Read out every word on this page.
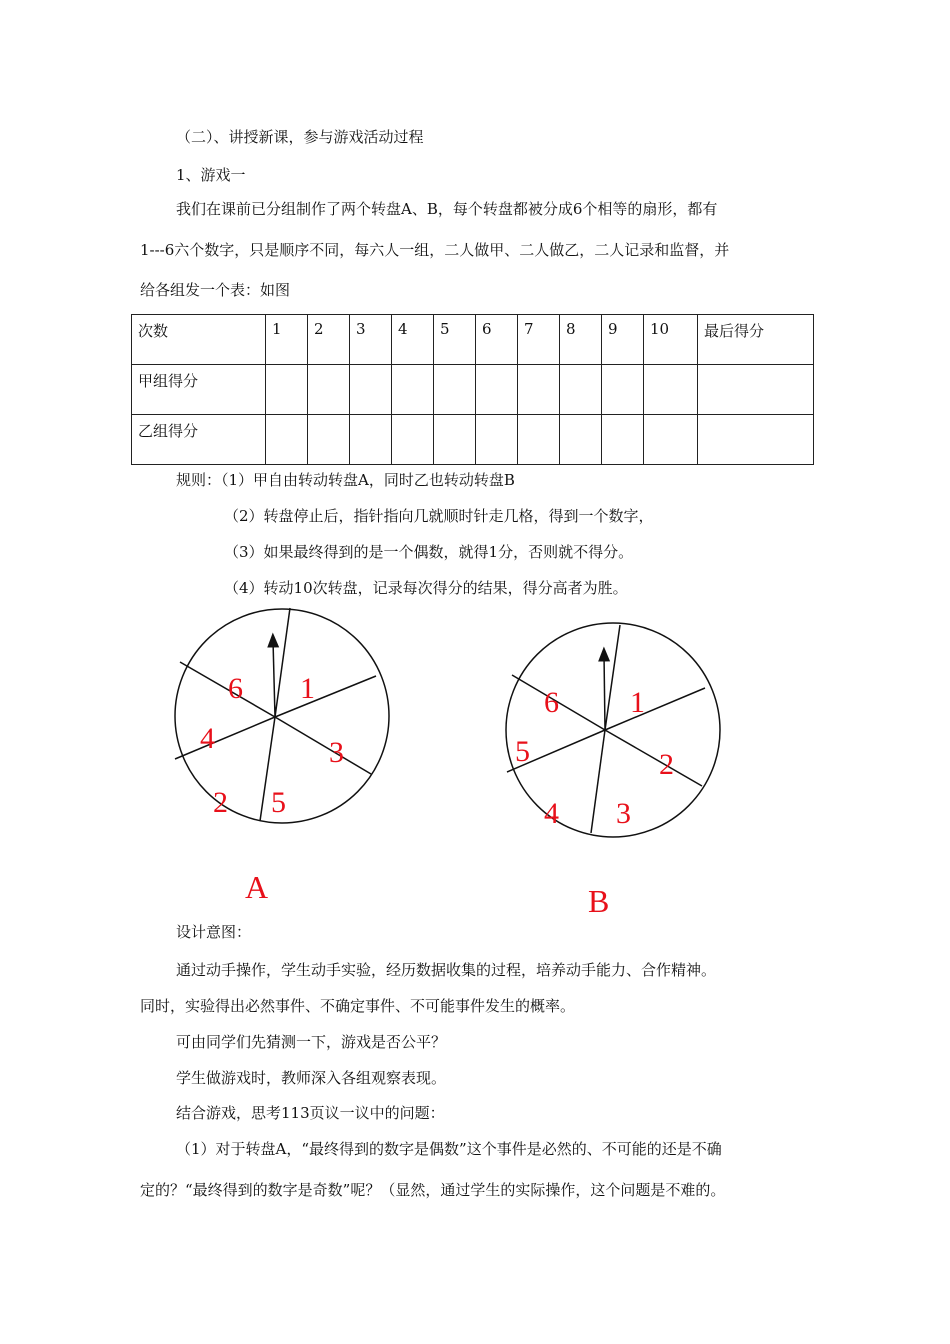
（二）、讲授新课，参与游戏活动过程
1、游戏一
我们在课前已分组制作了两个转盘A、B，每个转盘都被分成6个相等的扇形，都有
1---6六个数字，只是顺序不同，每六人一组，二人做甲、二人做乙，二人记录和监督，并
给各组发一个表：如图
次数	1	2	3	4	5	6	7	8	9	10	最后得分
甲组得分											
乙组得分											
规则：（1）甲自由转动转盘A，同时乙也转动转盘B
（2）转盘停止后，指针指向几就顺时针走几格，得到一个数字，
（3）如果最终得到的是一个偶数，就得1分，否则就不得分。
（4）转动10次转盘，记录每次得分的结果，得分高者为胜。
6 1
4	3
2 5
A
6 1
5	2
4 3
B
设计意图：
通过动手操作，学生动手实验，经历数据收集的过程，培养动手能力、合作精神。
同时，实验得出必然事件、不确定事件、不可能事件发生的概率。
可由同学们先猜测一下，游戏是否公平？
学生做游戏时，教师深入各组观察表现。
结合游戏，思考113页议一议中的问题：
（1）对于转盘A，“最终得到的数字是偶数”这个事件是必然的、不可能的还是不确
定的？“最终得到的数字是奇数”呢？（显然，通过学生的实际操作，这个问题是不难的。
